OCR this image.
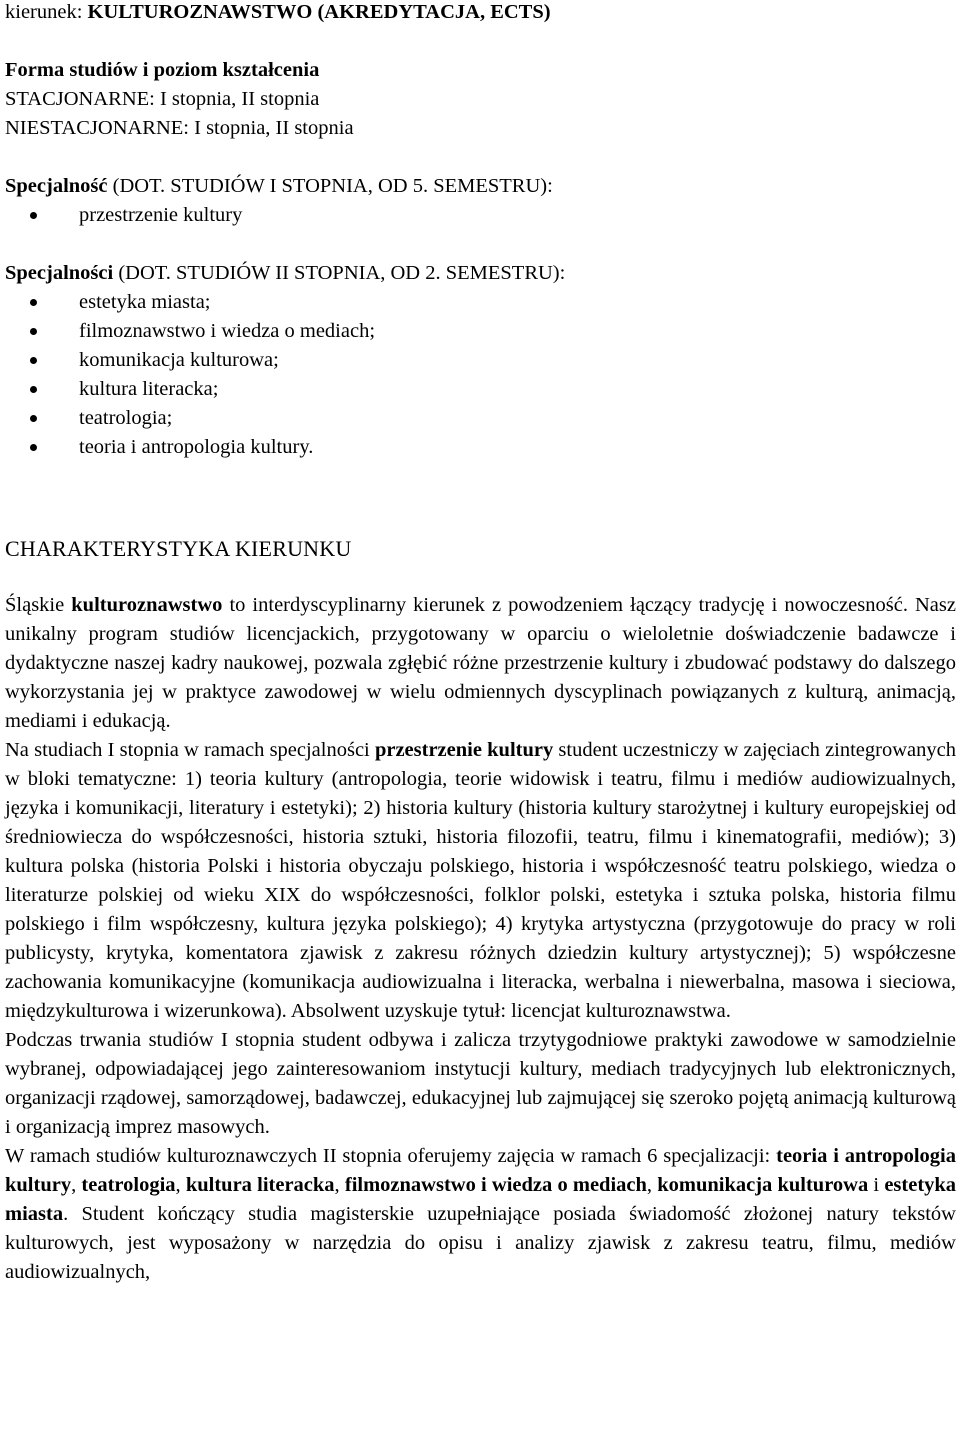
kierunek: KULTUROZNAWSTWO (AKREDYTACJA, ECTS)

Forma studiów i poziom kształcenia

STACJONARNE: I stopnia, II stopnia

NIESTACJONARNE: I stopnia, II stopnia

Specjalność (DOT. STUDIÓW I STOPNIA, OD 5. SEMESTRU):

przestrzenie kultury

Specjalności (DOT. STUDIÓW II STOPNIA, OD 2. SEMESTRU):

estetyka miasta;
filmoznawstwo i wiedza o mediach;
komunikacja kulturowa;
kultura literacka;
teatrologia;
teoria i antropologia kultury.

CHARAKTERYSTYKA KIERUNKU

Śląskie kulturoznawstwo to interdyscyplinarny kierunek z powodzeniem łączący tradycję i nowoczesność. Nasz unikalny program studiów licencjackich, przygotowany w oparciu o wieloletnie doświadczenie badawcze i dydaktyczne naszej kadry naukowej, pozwala zgłębić różne przestrzenie kultury i zbudować podstawy do dalszego wykorzystania jej w praktyce zawodowej w wielu odmiennych dyscyplinach powiązanych z kulturą, animacją, mediami i edukacją.

Na studiach I stopnia w ramach specjalności przestrzenie kultury student uczestniczy w zajęciach zintegrowanych w bloki tematyczne: 1) teoria kultury (antropologia, teorie widowisk i teatru, filmu i mediów audiowizualnych, języka i komunikacji, literatury i estetyki); 2) historia kultury (historia kultury starożytnej i kultury europejskiej od średniowiecza do współczesności, historia sztuki, historia filozofii, teatru, filmu i kinematografii, mediów); 3) kultura polska (historia Polski i historia obyczaju polskiego, historia i współczesność teatru polskiego, wiedza o literaturze polskiej od wieku XIX do współczesności, folklor polski, estetyka i sztuka polska, historia filmu polskiego i film współczesny, kultura języka polskiego); 4) krytyka artystyczna (przygotowuje do pracy w roli publicysty, krytyka, komentatora zjawisk z zakresu różnych dziedzin kultury artystycznej); 5) współczesne zachowania komunikacyjne (komunikacja audiowizualna i literacka, werbalna i niewerbalna, masowa i sieciowa, międzykulturowa i wizerunkowa). Absolwent uzyskuje tytuł: licencjat kulturoznawstwa.

Podczas trwania studiów I stopnia student odbywa i zalicza trzytygodniowe praktyki zawodowe w samodzielnie wybranej, odpowiadającej jego zainteresowaniom instytucji kultury, mediach tradycyjnych lub elektronicznych, organizacji rządowej, samorządowej, badawczej, edukacyjnej lub zajmującej się szeroko pojętą animacją kulturową i organizacją imprez masowych.

W ramach studiów kulturoznawczych II stopnia oferujemy zajęcia w ramach 6 specjalizacji: teoria i antropologia kultury, teatrologia, kultura literacka, filmoznawstwo i wiedza o mediach, komunikacja kulturowa i estetyka miasta. Student kończący studia magisterskie uzupełniające posiada świadomość złożonej natury tekstów kulturowych, jest wyposażony w narzędzia do opisu i analizy zjawisk z zakresu teatru, filmu, mediów audiowizualnych,
